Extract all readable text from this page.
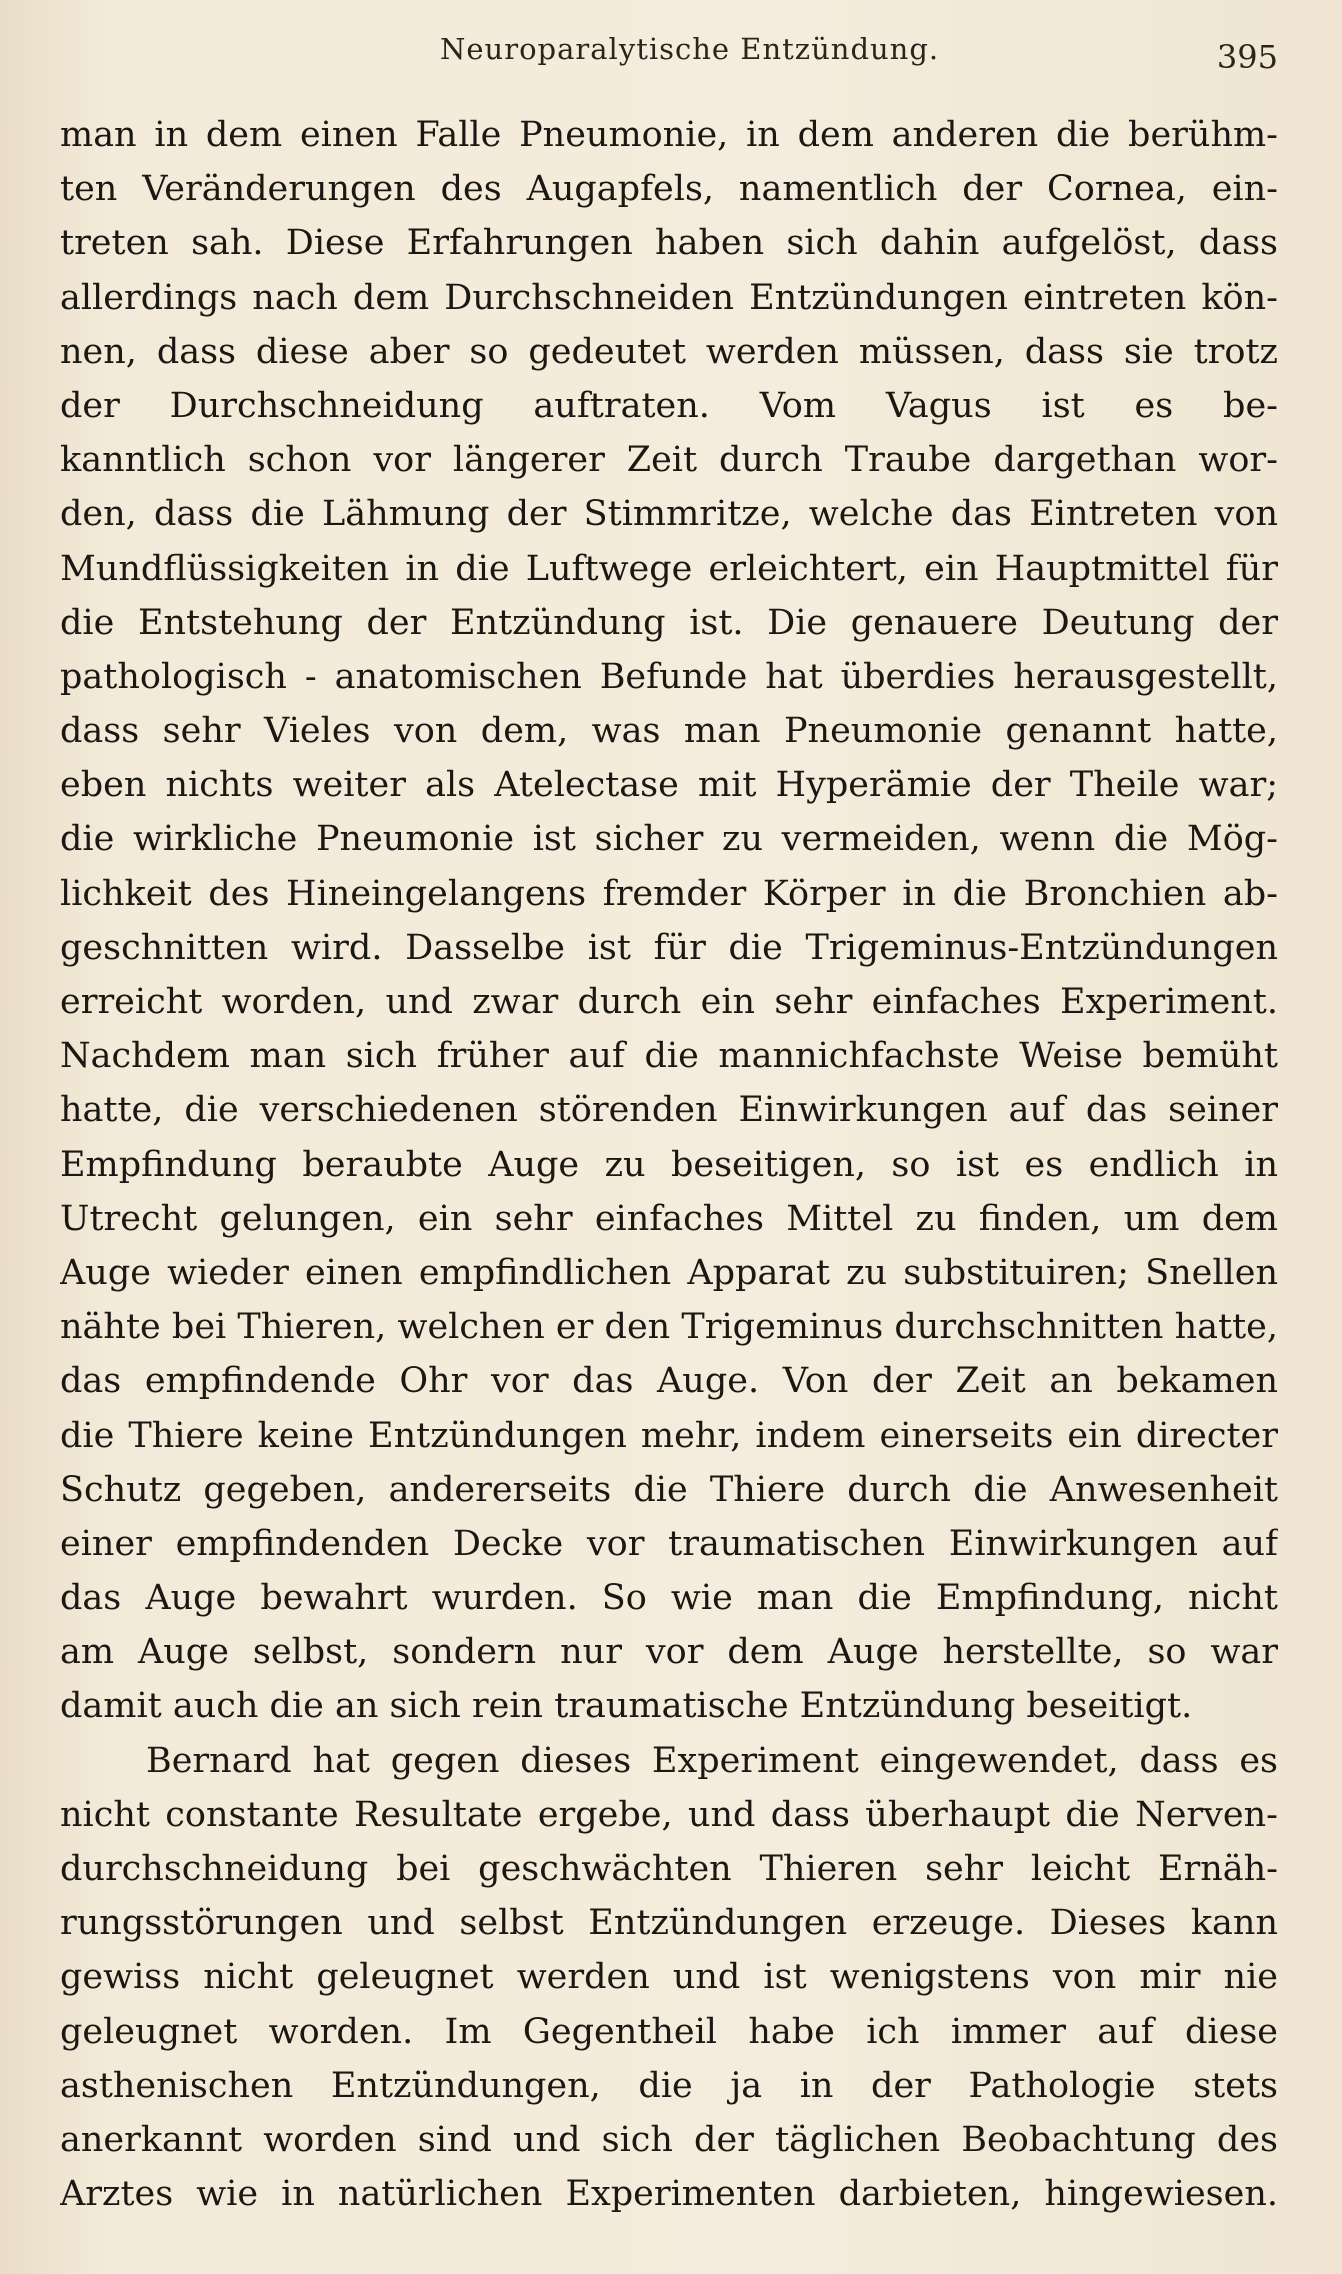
Neuroparalytische Entzündung.	395
man in dem einen Falle Pneumonie, in dem anderen die berühm-
ten Veränderungen des Augapfels, namentlich der Cornea, ein-
treten sah. Diese Erfahrungen haben sich dahin aufgelöst, dass
allerdings nach dem Durchschneiden Entzündungen eintreten kön-
nen, dass diese aber so gedeutet werden müssen, dass sie trotz
der Durchschneidung auftraten. Vom Vagus ist es be-
kanntlich schon vor längerer Zeit durch Traube dargethan wor-
den, dass die Lähmung der Stimmritze, welche das Eintreten von
Mundflüssigkeiten in die Luftwege erleichtert, ein Hauptmittel für
die Entstehung der Entzündung ist. Die genauere Deutung der
pathologisch - anatomischen Befunde hat überdies herausgestellt,
dass sehr Vieles von dem, was man Pneumonie genannt hatte,
eben nichts weiter als Atelectase mit Hyperämie der Theile war;
die wirkliche Pneumonie ist sicher zu vermeiden, wenn die Mög-
lichkeit des Hineingelangens fremder Körper in die Bronchien ab-
geschnitten wird. Dasselbe ist für die Trigeminus-Entzündungen
erreicht worden, und zwar durch ein sehr einfaches Experiment.
Nachdem man sich früher auf die mannichfachste Weise bemüht
hatte, die verschiedenen störenden Einwirkungen auf das seiner
Empfindung beraubte Auge zu beseitigen, so ist es endlich in
Utrecht gelungen, ein sehr einfaches Mittel zu finden, um dem
Auge wieder einen empfindlichen Apparat zu substituiren; Snellen
nähte bei Thieren, welchen er den Trigeminus durchschnitten hatte,
das empfindende Ohr vor das Auge. Von der Zeit an bekamen
die Thiere keine Entzündungen mehr, indem einerseits ein directer
Schutz gegeben, andererseits die Thiere durch die Anwesenheit
einer empfindenden Decke vor traumatischen Einwirkungen auf
das Auge bewahrt wurden. So wie man die Empfindung, nicht
am Auge selbst, sondern nur vor dem Auge herstellte, so war
damit auch die an sich rein traumatische Entzündung beseitigt.
Bernard hat gegen dieses Experiment eingewendet, dass es
nicht constante Resultate ergebe, und dass überhaupt die Nerven-
durchschneidung bei geschwächten Thieren sehr leicht Ernäh-
rungsstörungen und selbst Entzündungen erzeuge. Dieses kann
gewiss nicht geleugnet werden und ist wenigstens von mir nie
geleugnet worden. Im Gegentheil habe ich immer auf diese
asthenischen Entzündungen, die ja in der Pathologie stets
anerkannt worden sind und sich der täglichen Beobachtung des
Arztes wie in natürlichen Experimenten darbieten, hingewiesen.
